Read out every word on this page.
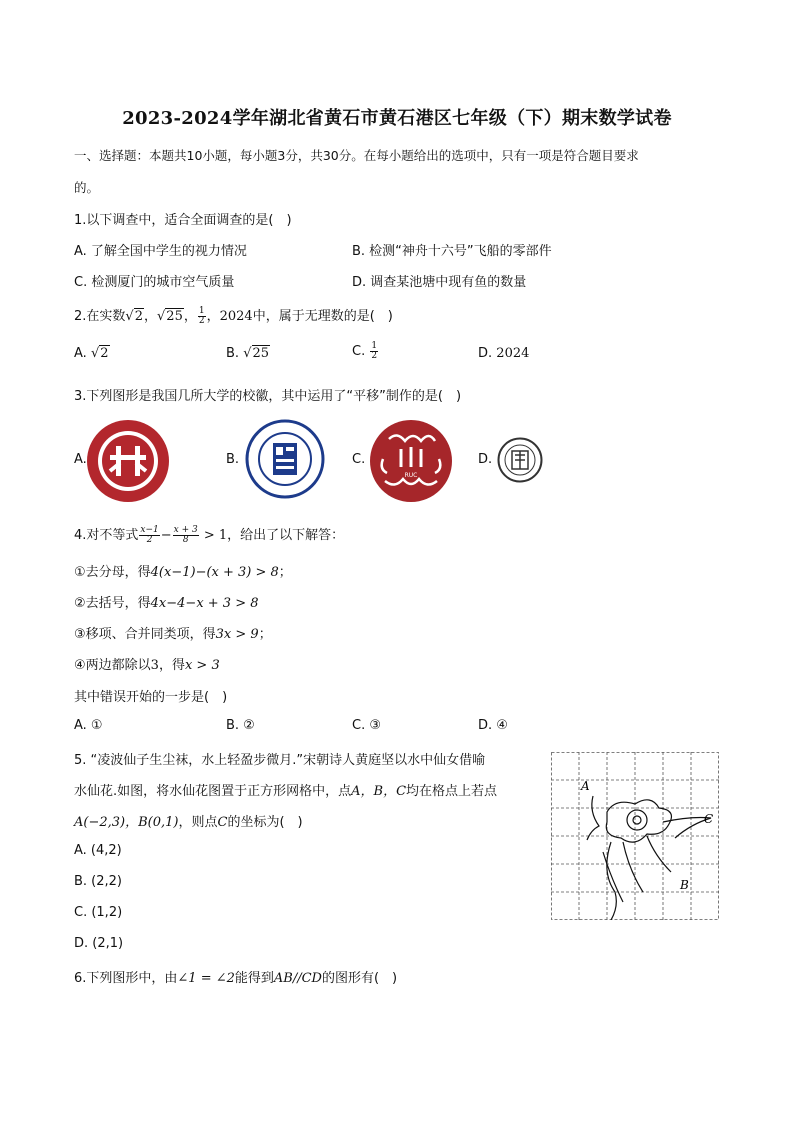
2023-2024学年湖北省黄石市黄石港区七年级（下）期末数学试卷
一、选择题：本题共10小题，每小题3分，共30分。在每小题给出的选项中，只有一项是符合题目要求
的。
1.以下调查中，适合全面调查的是(　)
A. 了解全国中学生的视力情况	B. 检测“神舟十六号”飞船的零部件
C. 检测厦门的城市空气质量	D. 调查某池塘中现有鱼的数量
2.在实数√2，√25， $\frac{1}{2}$ ，2024中，属于无理数的是(　)
A. √2	B. √25	C. $\frac{1}{2}$	D. 2024
3.下列图形是我国几所大学的校徽，其中运用了“平移”制作的是(　)
A.	B.	C.	D.
RUC
4.对不等式 $\frac{x-1}{2} - \frac{x + 3}{8} > 1$，给出了以下解答：
①去分母，得4(x−1)−(x + 3) > 8；
②去括号，得4x−4−x + 3 > 8
③移项、合并同类项，得3x > 9；
④两边都除以3，得x > 3
其中错误开始的一步是(　)
A. ①	B. ②	C. ③	D. ④
5. “凌波仙子生尘袜，水上轻盈步微月.”宋朝诗人黄庭坚以水中仙女借喻
水仙花.如图，将水仙花图置于正方形网格中，点A，B，C均在格点上若点
A(−2,3)，B(0,1)，则点C的坐标为(　)
A. (4,2)
B. (2,2)
C. (1,2)
D. (2,1)
A
C
B
6.下列图形中，由∠1 = ∠2能得到AB//CD的图形有(　)
